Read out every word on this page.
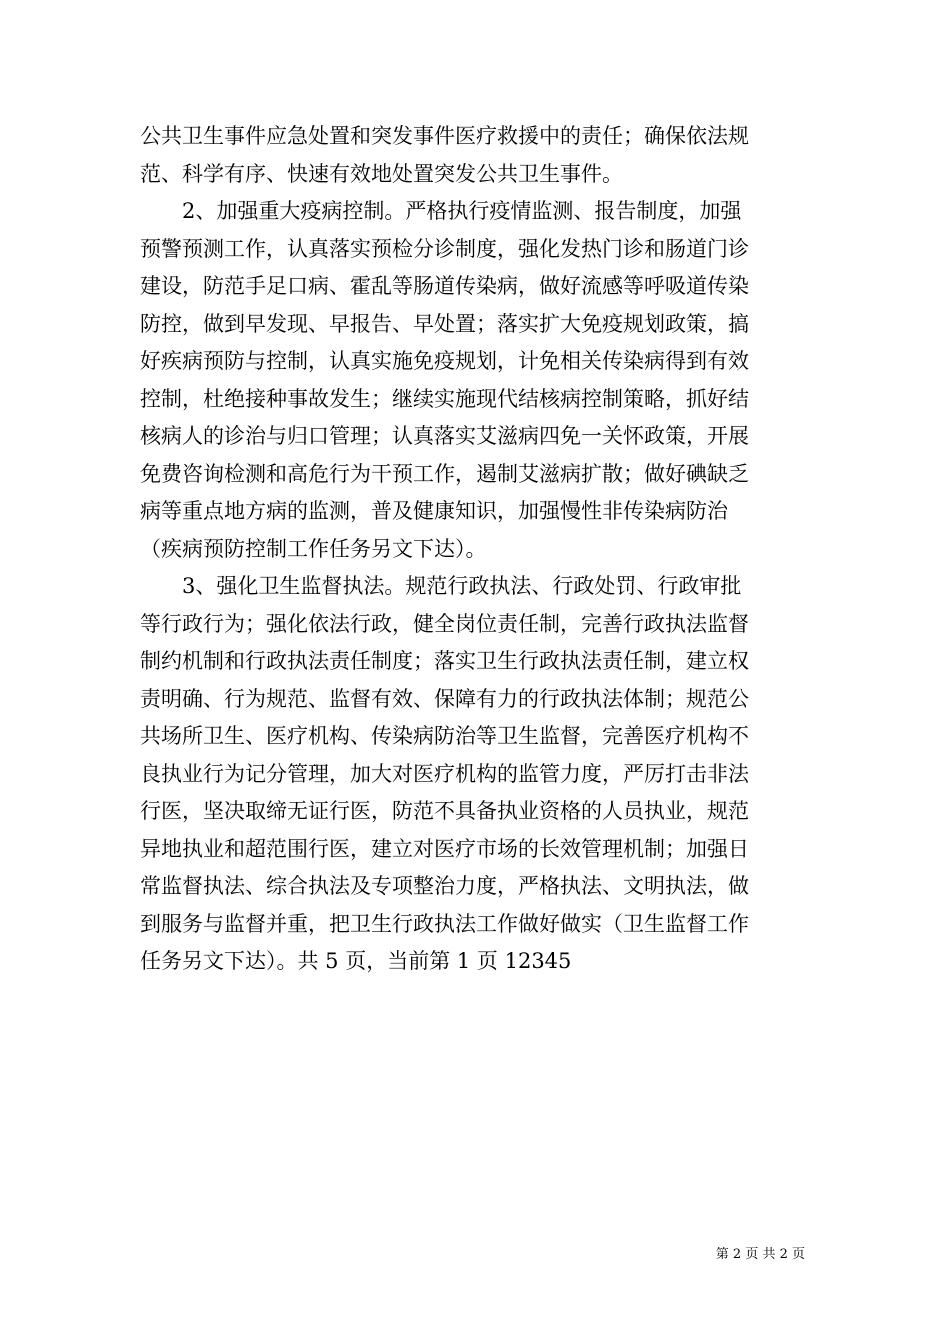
公共卫生事件应急处置和突发事件医疗救援中的责任；确保依法规
范、科学有序、快速有效地处置突发公共卫生事件。
　　2、加强重大疫病控制。严格执行疫情监测、报告制度，加强
预警预测工作，认真落实预检分诊制度，强化发热门诊和肠道门诊
建设，防范手足口病、霍乱等肠道传染病，做好流感等呼吸道传染
防控，做到早发现、早报告、早处置；落实扩大免疫规划政策，搞
好疾病预防与控制，认真实施免疫规划，计免相关传染病得到有效
控制，杜绝接种事故发生；继续实施现代结核病控制策略，抓好结
核病人的诊治与归口管理；认真落实艾滋病四免一关怀政策，开展
免费咨询检测和高危行为干预工作，遏制艾滋病扩散；做好碘缺乏
病等重点地方病的监测，普及健康知识，加强慢性非传染病防治
（疾病预防控制工作任务另文下达）。
　　3、强化卫生监督执法。规范行政执法、行政处罚、行政审批
等行政行为；强化依法行政，健全岗位责任制，完善行政执法监督
制约机制和行政执法责任制度；落实卫生行政执法责任制，建立权
责明确、行为规范、监督有效、保障有力的行政执法体制；规范公
共场所卫生、医疗机构、传染病防治等卫生监督，完善医疗机构不
良执业行为记分管理，加大对医疗机构的监管力度，严厉打击非法
行医，坚决取缔无证行医，防范不具备执业资格的人员执业，规范
异地执业和超范围行医，建立对医疗市场的长效管理机制；加强日
常监督执法、综合执法及专项整治力度，严格执法、文明执法，做
到服务与监督并重，把卫生行政执法工作做好做实（卫生监督工作
任务另文下达）。共 5 页，当前第 1 页 12345
第 2 页 共 2 页
